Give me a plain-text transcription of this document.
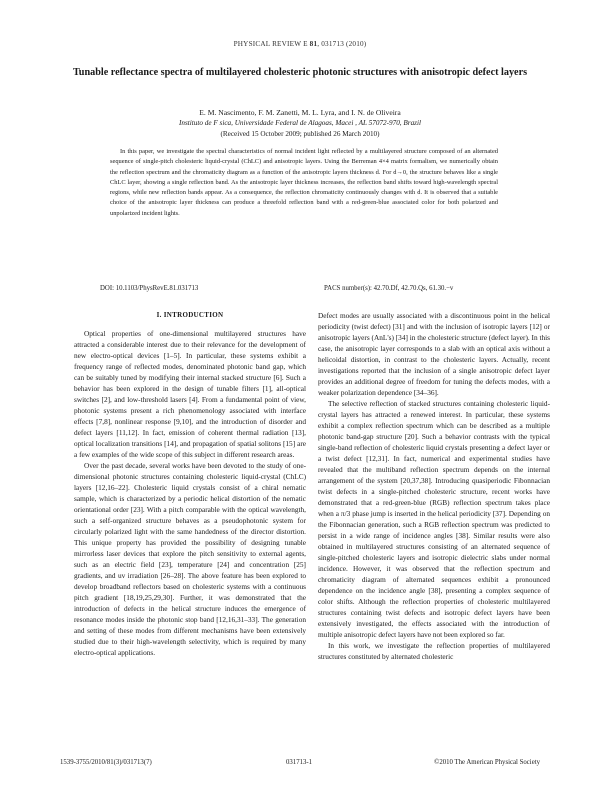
PHYSICAL REVIEW E 81, 031713 (2010)
Tunable reflectance spectra of multilayered cholesteric photonic structures with anisotropic defect layers
E. M. Nascimento, F. M. Zanetti, M. L. Lyra, and I. N. de Oliveira
Instituto de F sica, Universidade Federal de Alagoas, Macei , AL 57072-970, Brazil
(Received 15 October 2009; published 26 March 2010)
In this paper, we investigate the spectral characteristics of normal incident light reflected by a multilayered structure composed of an alternated sequence of single-pitch cholesteric liquid-crystal (ChLC) and anisotropic layers. Using the Berreman 4×4 matrix formalism, we numerically obtain the reflection spectrum and the chromaticity diagram as a function of the anisotropic layers thickness d. For d→0, the structure behaves like a single ChLC layer, showing a single reflection band. As the anisotropic layer thickness increases, the reflection band shifts toward high-wavelength spectral regions, while new reflection bands appear. As a consequence, the reflection chromaticity continuously changes with d. It is observed that a suitable choice of the anisotropic layer thickness can produce a threefold reflection band with a red-green-blue associated color for both polarized and unpolarized incident lights.
DOI: 10.1103/PhysRevE.81.031713	PACS number(s): 42.70.Df, 42.70.Qs, 61.30.−v
I. INTRODUCTION

Optical properties of one-dimensional multilayered structures have attracted a considerable interest due to their relevance for the development of new electro-optical devices [1–5]. In particular, these systems exhibit a frequency range of reflected modes, denominated photonic band gap, which can be suitably tuned by modifying their internal stacked structure [6]. Such a behavior has been explored in the design of tunable filters [1], all-optical switches [2], and low-threshold lasers [4]. From a fundamental point of view, photonic systems present a rich phenomenology associated with interface effects [7,8], nonlinear response [9,10], and the introduction of disorder and defect layers [11,12]. In fact, emission of coherent thermal radiation [13], optical localization transitions [14], and propagation of spatial solitons [15] are a few examples of the wide scope of this subject in different research areas.

Over the past decade, several works have been devoted to the study of one-dimensional photonic structures containing cholesteric liquid-crystal (ChLC) layers [12,16–22]. Cholesteric liquid crystals consist of a chiral nematic sample, which is characterized by a periodic helical distortion of the nematic orientational order [23]. With a pitch comparable with the optical wavelength, such a self-organized structure behaves as a pseudophotonic system for circularly polarized light with the same handedness of the director distortion. This unique property has provided the possibility of designing tunable mirrorless laser devices that explore the pitch sensitivity to external agents, such as an electric field [23], temperature [24] and concentration [25] gradients, and uv irradiation [26–28]. The above feature has been explored to develop broadband reflectors based on cholesteric systems with a continuous pitch gradient [18,19,25,29,30]. Further, it was demonstrated that the introduction of defects in the helical structure induces the emergence of resonance modes inside the photonic stop band [12,16,31–33]. The generation and setting of these modes from different mechanisms have been extensively studied due to their high-wavelength selectivity, which is required by many electro-optical applications.

Defect modes are usually associated with a discontinuous point in the helical periodicity (twist defect) [31] and with the inclusion of isotropic layers [12] or anisotropic layers (AnL's) [34] in the cholesteric structure (defect layer). In this case, the anisotropic layer corresponds to a slab with an optical axis without a helicoidal distortion, in contrast to the cholesteric layers. Actually, recent investigations reported that the inclusion of a single anisotropic defect layer provides an additional degree of freedom for tuning the defects modes, with a weaker polarization dependence [34–36].

The selective reflection of stacked structures containing cholesteric liquid-crystal layers has attracted a renewed interest. In particular, these systems exhibit a complex reflection spectrum which can be described as a multiple photonic band-gap structure [20]. Such a behavior contrasts with the typical single-band reflection of cholesteric liquid crystals presenting a defect layer or a twist defect [12,31]. In fact, numerical and experimental studies have revealed that the multiband reflection spectrum depends on the internal arrangement of the system [20,37,38]. Introducing quasiperiodic Fibonnacian twist defects in a single-pitched cholesteric structure, recent works have demonstrated that a red-green-blue (RGB) reflection spectrum takes place when a π/3 phase jump is inserted in the helical periodicity [37]. Depending on the Fibonnacian generation, such a RGB reflection spectrum was predicted to persist in a wide range of incidence angles [38]. Similar results were also obtained in multilayered structures consisting of an alternated sequence of single-pitched cholesteric layers and isotropic dielectric slabs under normal incidence. However, it was observed that the reflection spectrum and chromaticity diagram of alternated sequences exhibit a pronounced dependence on the incidence angle [38], presenting a complex sequence of color shifts. Although the reflection properties of cholesteric multilayered structures containing twist defects and isotropic defect layers have been extensively investigated, the effects associated with the introduction of multiple anisotropic defect layers have not been explored so far.

In this work, we investigate the reflection properties of multilayered structures constituted by alternated cholesteric

1539-3755/2010/81(3)/031713(7)	031713-1	©2010 The American Physical Society
